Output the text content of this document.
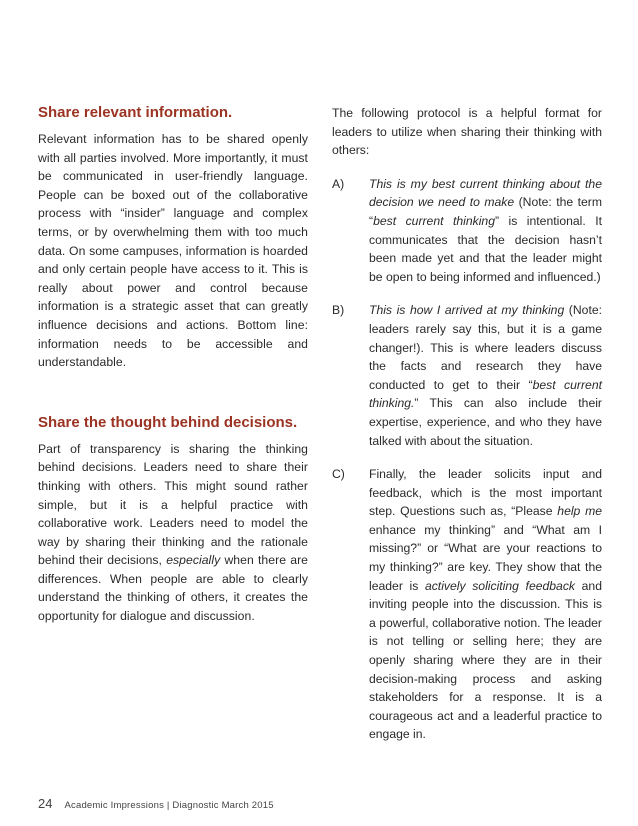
Share relevant information.

Relevant information has to be shared openly with all parties involved. More importantly, it must be communicated in user-friendly language. People can be boxed out of the collaborative process with “insider” language and complex terms, or by overwhelming them with too much data. On some campuses, information is hoarded and only certain people have access to it. This is really about power and control because information is a strategic asset that can greatly influence decisions and actions. Bottom line: information needs to be accessible and understandable.

Share the thought behind decisions.

Part of transparency is sharing the thinking behind decisions. Leaders need to share their thinking with others. This might sound rather simple, but it is a helpful practice with collaborative work. Leaders need to model the way by sharing their thinking and the rationale behind their decisions, especially when there are differences. When people are able to clearly understand the thinking of others, it creates the opportunity for dialogue and discussion.

The following protocol is a helpful format for leaders to utilize when sharing their thinking with others:

A)	This is my best current thinking about the decision we need to make (Note: the term “best current thinking” is intentional. It communicates that the decision hasn’t been made yet and that the leader might be open to being informed and influenced.)
B)	This is how I arrived at my thinking (Note: leaders rarely say this, but it is a game changer!). This is where leaders discuss the facts and research they have conducted to get to their “best current thinking.” This can also include their expertise, experience, and who they have talked with about the situation.
C)	Finally, the leader solicits input and feedback, which is the most important step. Questions such as, “Please help me enhance my thinking” and “What am I missing?” or “What are your reactions to my thinking?” are key. They show that the leader is actively soliciting feedback and inviting people into the discussion. This is a powerful, collaborative notion. The leader is not telling or selling here; they are openly sharing where they are in their decision-making process and asking stakeholders for a response. It is a courageous act and a leaderful practice to engage in.
24 Academic Impressions | Diagnostic March 2015
